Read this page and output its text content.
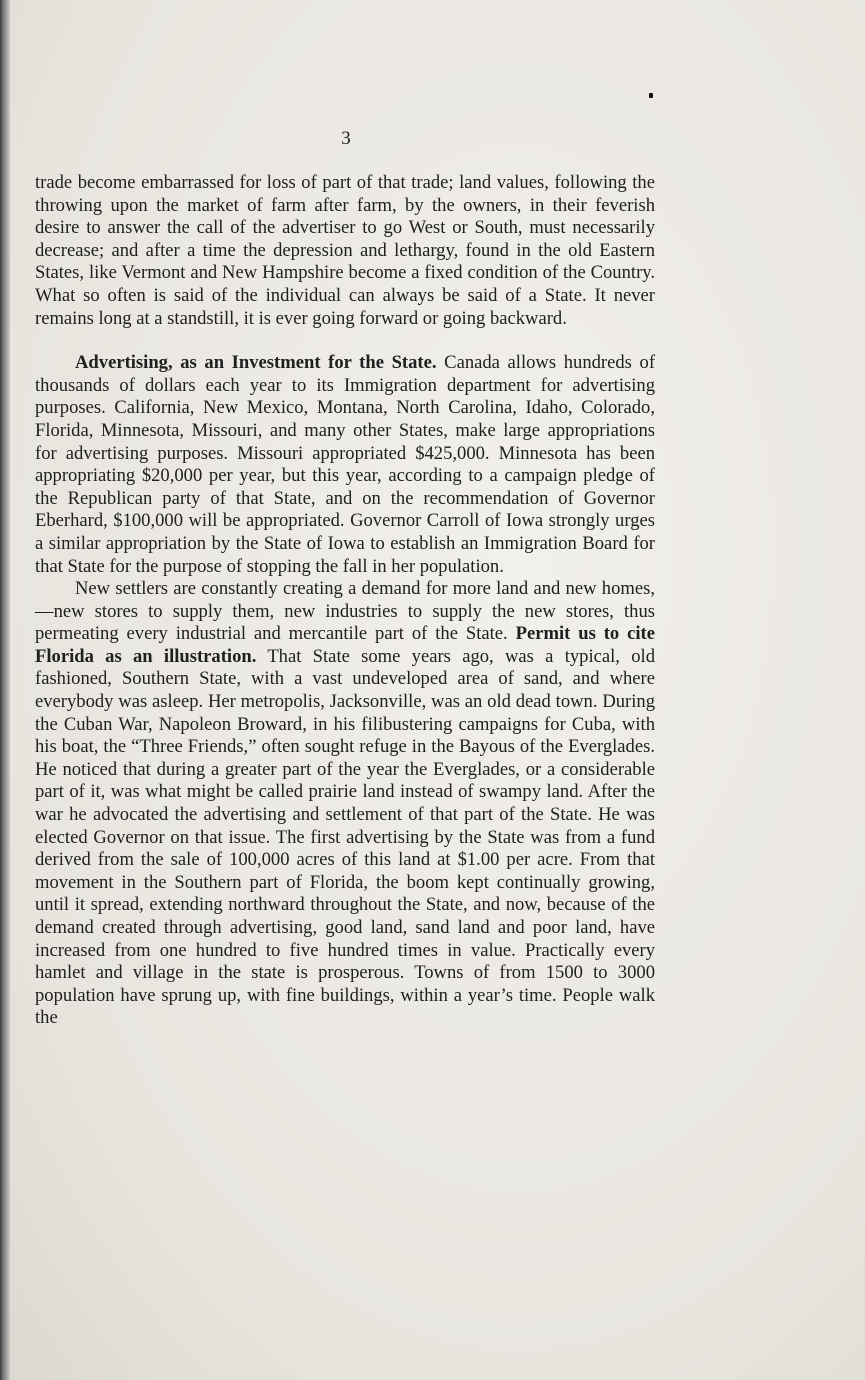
3

trade become embarrassed for loss of part of that trade; land values, following the throwing upon the market of farm after farm, by the owners, in their feverish desire to answer the call of the advertiser to go West or South, must necessarily decrease; and after a time the depression and lethargy, found in the old Eastern States, like Vermont and New Hampshire become a fixed condition of the Country. What so often is said of the individual can always be said of a State. It never remains long at a standstill, it is ever going forward or going backward.

Advertising, as an Investment for the State. Canada allows hundreds of thousands of dollars each year to its Immigration department for advertising purposes. California, New Mexico, Montana, North Carolina, Idaho, Colorado, Florida, Minnesota, Missouri, and many other States, make large appropriations for advertising purposes. Missouri appropriated $425,000. Minnesota has been appropriating $20,000 per year, but this year, according to a campaign pledge of the Republican party of that State, and on the recommendation of Governor Eberhard, $100,000 will be appropriated. Governor Carroll of Iowa strongly urges a similar appropriation by the State of Iowa to establish an Immigration Board for that State for the purpose of stopping the fall in her population.

New settlers are constantly creating a demand for more land and new homes,—new stores to supply them, new industries to supply the new stores, thus permeating every industrial and mercantile part of the State. Permit us to cite Florida as an illustration. That State some years ago, was a typical, old fashioned, Southern State, with a vast undeveloped area of sand, and where everybody was asleep. Her metropolis, Jacksonville, was an old dead town. During the Cuban War, Napoleon Broward, in his filibustering campaigns for Cuba, with his boat, the “Three Friends,” often sought refuge in the Bayous of the Everglades. He noticed that during a greater part of the year the Everglades, or a considerable part of it, was what might be called prairie land instead of swampy land. After the war he advocated the advertising and settlement of that part of the State. He was elected Governor on that issue. The first advertising by the State was from a fund derived from the sale of 100,000 acres of this land at $1.00 per acre. From that movement in the Southern part of Florida, the boom kept continually growing, until it spread, extending northward throughout the State, and now, because of the demand created through advertising, good land, sand land and poor land, have increased from one hundred to five hundred times in value. Practically every hamlet and village in the state is prosperous. Towns of from 1500 to 3000 population have sprung up, with fine buildings, within a year’s time. People walk the
